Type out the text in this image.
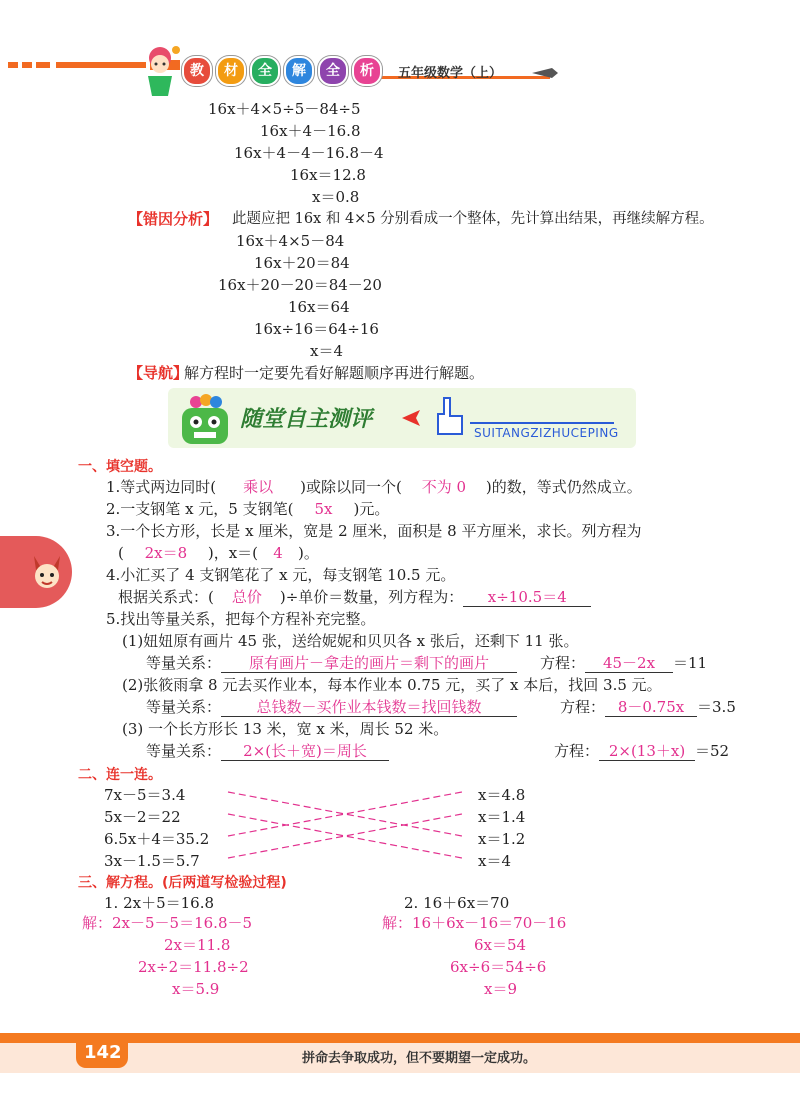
教 材 全 解 全 析	五年级数学（上）
16x＋4×5÷5－84÷5
16x＋4－16.8
16x＋4－4－16.8－4
16x＝12.8
x＝0.8
【错因分析】 此题应把 16x 和 4×5 分别看成一个整体，先计算出结果，再继续解方程。
16x＋4×5－84
16x＋20＝84
16x＋20－20＝84－20
16x＝64
16x÷16＝64÷16
x＝4
【导航】
解方程时一定要先看好解题顺序再进行解题。
随堂自主测评
SUITANGZIZHUCEPING
一、填空题。
1.等式两边同时( 乘以 )或除以同一个( 不为 0 )的数，等式仍然成立。
2.一支钢笔 x 元，5 支钢笔( 5x )元。
3.一个长方形，长是 x 厘米，宽是 2 厘米，面积是 8 平方厘米，求长。列方程为
( 2x＝8 )，x＝( 4 )。
4.小汇买了 4 支钢笔花了 x 元，每支钢笔 10.5 元。
根据关系式：( 总价 )÷单价＝数量，列方程为： x÷10.5＝4
5.找出等量关系，把每个方程补充完整。
(1)妞妞原有画片 45 张，送给妮妮和贝贝各 x 张后，还剩下 11 张。
等量关系： 原有画片－拿走的画片＝剩下的画片	方程： 45－2x ＝11
(2)张筱雨拿 8 元去买作业本，每本作业本 0.75 元，买了 x 本后，找回 3.5 元。
等量关系： 总钱数－买作业本钱数＝找回钱数	方程： 8－0.75x ＝3.5
(3) 一个长方形长 13 米，宽 x 米，周长 52 米。
等量关系： 2×(长＋宽)＝周长	方程： 2×(13＋x) ＝52
二、连一连。
7x－5＝3.4
5x－2＝22
6.5x＋4＝35.2
3x－1.5＝5.7
x＝4.8
x＝1.4
x＝1.2
x＝4
三、解方程。(后两道写检验过程)
1. 2x＋5＝16.8
解：2x－5－5＝16.8－5
2x＝11.8
2x÷2＝11.8÷2
x＝5.9
2. 16＋6x＝70
解：16＋6x－16＝70－16
6x＝54
6x÷6＝54÷6
x＝9
142	拼命去争取成功，但不要期望一定成功。
